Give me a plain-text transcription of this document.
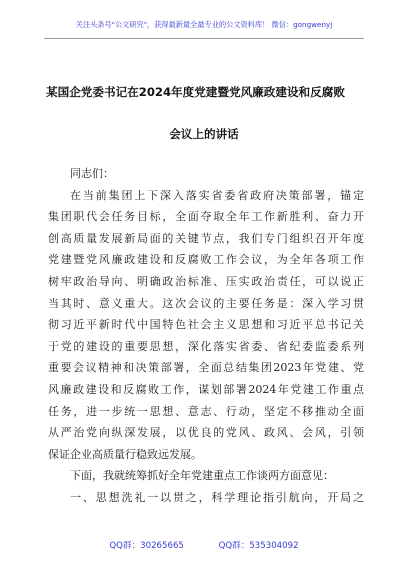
关注头条号"公文研究"，获得最新最全最专业的公文资料库！ 微信：gongwenyj
某国企党委书记在2024年度党建暨党风廉政建设和反腐败
会议上的讲话
同志们：
在当前集团上下深入落实省委省政府决策部署，锚定
集团职代会任务目标，全面夺取全年工作新胜利、奋力开
创高质量发展新局面的关键节点，我们专门组织召开年度
党建暨党风廉政建设和反腐败工作会议，为全年各项工作
树牢政治导向、明确政治标准、压实政治责任，可以说正
当其时、意义重大。这次会议的主要任务是：深入学习贯
彻习近平新时代中国特色社会主义思想和习近平总书记关
于党的建设的重要思想，深化落实省委、省纪委监委系列
重要会议精神和决策部署，全面总结集团2023年党建、党
风廉政建设和反腐败工作，谋划部署2024年党建工作重点
任务，进一步统一思想、意志、行动，坚定不移推动全面
从严治党向纵深发展，以优良的党风、政风、会风，引领
保证企业高质量行稳致远发展。
下面，我就统筹抓好全年党建重点工作谈两方面意见：
一、思想洗礼一以贯之，科学理论指引航向，开局之
QQ群：30265665	QQ群：535304092
